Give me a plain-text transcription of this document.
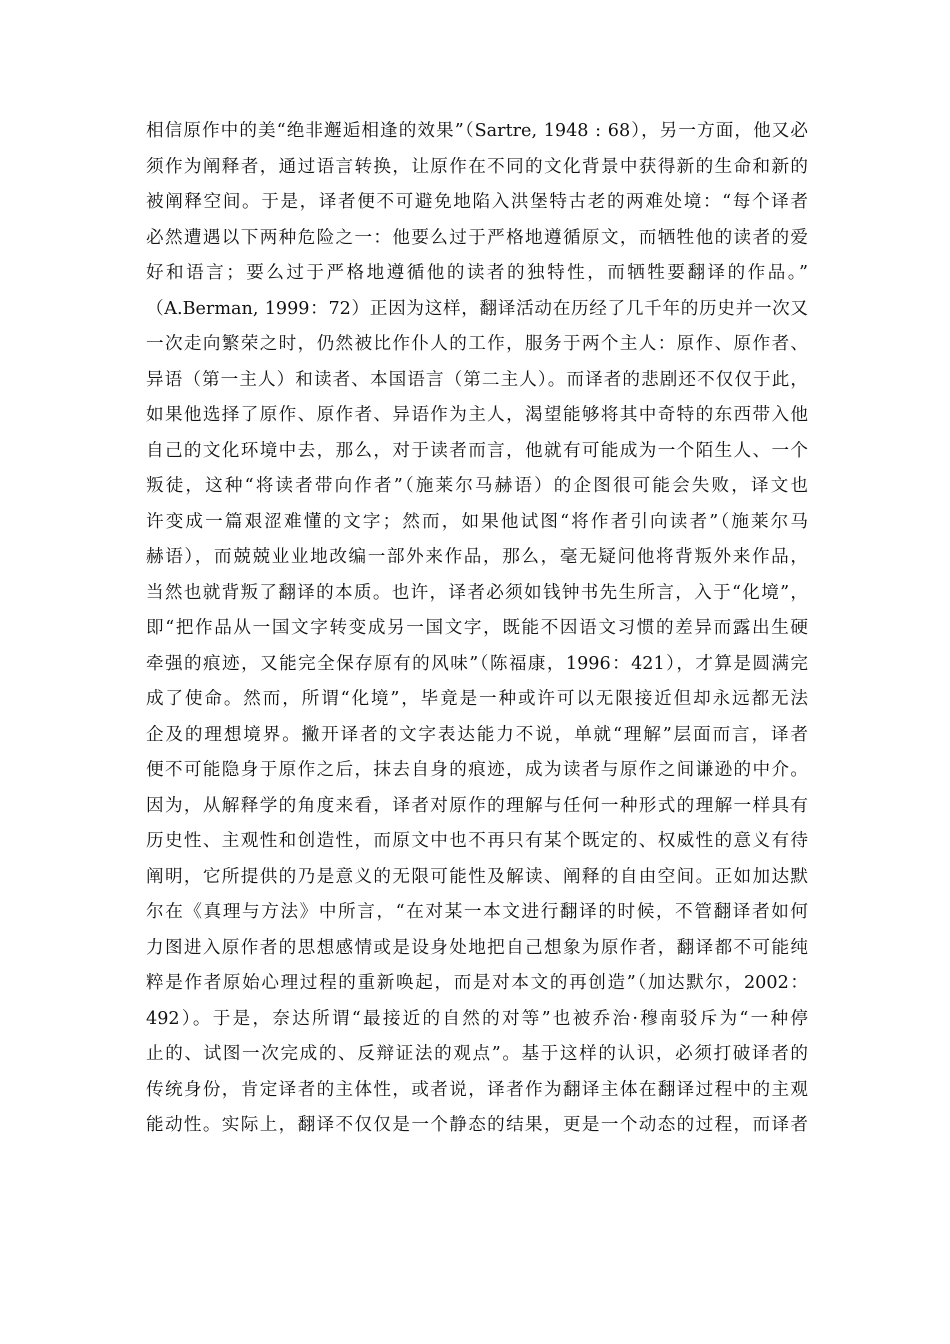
相信原作中的美“绝非邂逅相逢的效果”（Sartre, 1948 : 68），另一方面，他又必
须作为阐释者，通过语言转换，让原作在不同的文化背景中获得新的生命和新的
被阐释空间。于是，译者便不可避免地陷入洪堡特古老的两难处境：“每个译者
必然遭遇以下两种危险之一：他要么过于严格地遵循原文，而牺牲他的读者的爱
好和语言；要么过于严格地遵循他的读者的独特性，而牺牲要翻译的作品。”
（A.Berman, 1999：72）正因为这样，翻译活动在历经了几千年的历史并一次又
一次走向繁荣之时，仍然被比作仆人的工作，服务于两个主人：原作、原作者、
异语（第一主人）和读者、本国语言（第二主人）。而译者的悲剧还不仅仅于此，
如果他选择了原作、原作者、异语作为主人，渴望能够将其中奇特的东西带入他
自己的文化环境中去，那么，对于读者而言，他就有可能成为一个陌生人、一个
叛徒，这种“将读者带向作者”（施莱尔马赫语）的企图很可能会失败，译文也
许变成一篇艰涩难懂的文字；然而，如果他试图“将作者引向读者”（施莱尔马
赫语），而兢兢业业地改编一部外来作品，那么，毫无疑问他将背叛外来作品，
当然也就背叛了翻译的本质。也许，译者必须如钱钟书先生所言，入于“化境”，
即“把作品从一国文字转变成另一国文字，既能不因语文习惯的差异而露出生硬
牵强的痕迹，又能完全保存原有的风味”（陈福康，1996：421），才算是圆满完
成了使命。然而，所谓“化境”，毕竟是一种或许可以无限接近但却永远都无法
企及的理想境界。撇开译者的文字表达能力不说，单就“理解”层面而言，译者
便不可能隐身于原作之后，抹去自身的痕迹，成为读者与原作之间谦逊的中介。
因为，从解释学的角度来看，译者对原作的理解与任何一种形式的理解一样具有
历史性、主观性和创造性，而原文中也不再只有某个既定的、权威性的意义有待
阐明，它所提供的乃是意义的无限可能性及解读、阐释的自由空间。正如加达默
尔在《真理与方法》中所言，“在对某一本文进行翻译的时候，不管翻译者如何
力图进入原作者的思想感情或是设身处地把自己想象为原作者，翻译都不可能纯
粹是作者原始心理过程的重新唤起，而是对本文的再创造”（加达默尔，2002：
492）。于是，奈达所谓“最接近的自然的对等”也被乔治·穆南驳斥为“一种停
止的、试图一次完成的、反辩证法的观点”。基于这样的认识，必须打破译者的
传统身份，肯定译者的主体性，或者说，译者作为翻译主体在翻译过程中的主观
能动性。实际上，翻译不仅仅是一个静态的结果，更是一个动态的过程，而译者
